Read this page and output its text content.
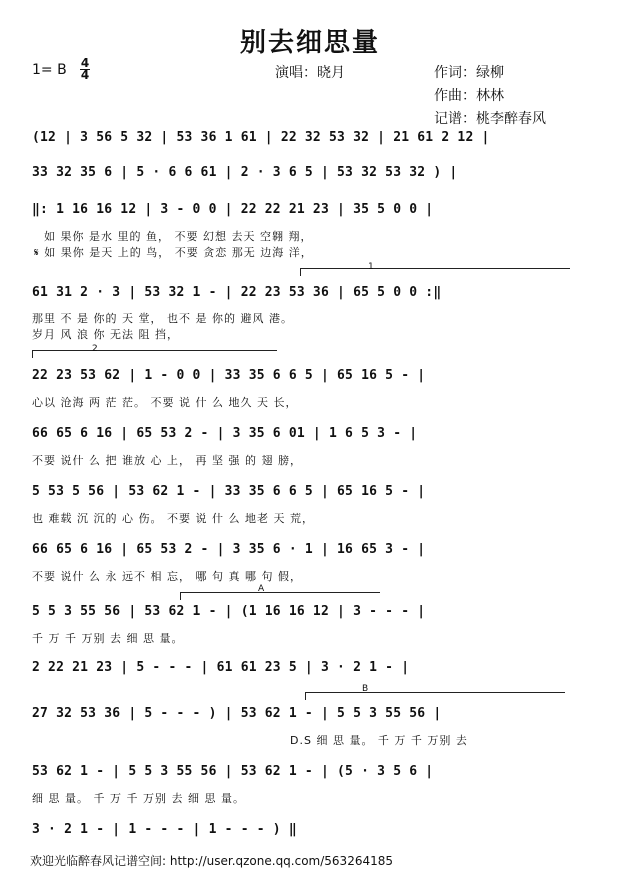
别去细思量
1= B 4
4	演唱：晓月	作词：绿柳
作曲：林林
记谱：桃李醉春风
(12 | 3 56 5 32 | 53 36 1 61 | 22 32 53 32 | 21 61 2 12 |
33 32 35 6 | 5 · 6 6 61 | 2 · 3 6 5 | 53 32 53 32 ) |
‖: 1 16 16 12 | 3 - 0 0 | 22 22 21 23 | 35 5 0 0 |
如 果你 是水 里的 鱼， 不要 幻想 去天 空翱 翔，
𝄋 如 果你 是天 上的 鸟， 不要 贪恋 那无 边海 洋，
1
61 31 2 · 3 | 53 32 1 - | 22 23 53 36 | 65 5 0 0 :‖
那里 不 是 你的 天 堂， 也不 是 你的 避风 港。
岁月 风 浪 你 无法 阻 挡，
2
22 23 53 62 | 1 - 0 0 | 33 35 6 6 5 | 65 16 5 - |
心以 沧海 两 茫 茫。 不要 说 什 么 地久 天 长，
66 65 6 16 | 65 53 2 - | 3 35 6 01 | 1 6 5 3 - |
不要 说什 么 把 谁放 心 上， 再 坚 强 的 翅 膀，
5 53 5 56 | 53 62 1 - | 33 35 6 6 5 | 65 16 5 - |
也 难载 沉 沉的 心 伤。 不要 说 什 么 地老 天 荒，
66 65 6 16 | 65 53 2 - | 3 35 6 · 1 | 16 65 3 - |
不要 说什 么 永 远不 相 忘， 哪 句 真 哪 句 假，
A
5 5 3 55 56 | 53 62 1 - | (1 16 16 12 | 3 - - - |
千 万 千 万别 去 细 思 量。
2 22 21 23 | 5 - - - | 61 61 23 5 | 3 · 2 1 - |
B
27 32 53 36 | 5 - - - ) | 53 62 1 - | 5 5 3 55 56 |
D.S 细 思 量。 千 万 千 万别 去
53 62 1 - | 5 5 3 55 56 | 53 62 1 - | (5 · 3 5 6 |
细 思 量。 千 万 千 万别 去 细 思 量。
3 · 2 1 - | 1 - - - | 1 - - - ) ‖
欢迎光临醉春风记谱空间: http://user.qzone.qq.com/563264185
